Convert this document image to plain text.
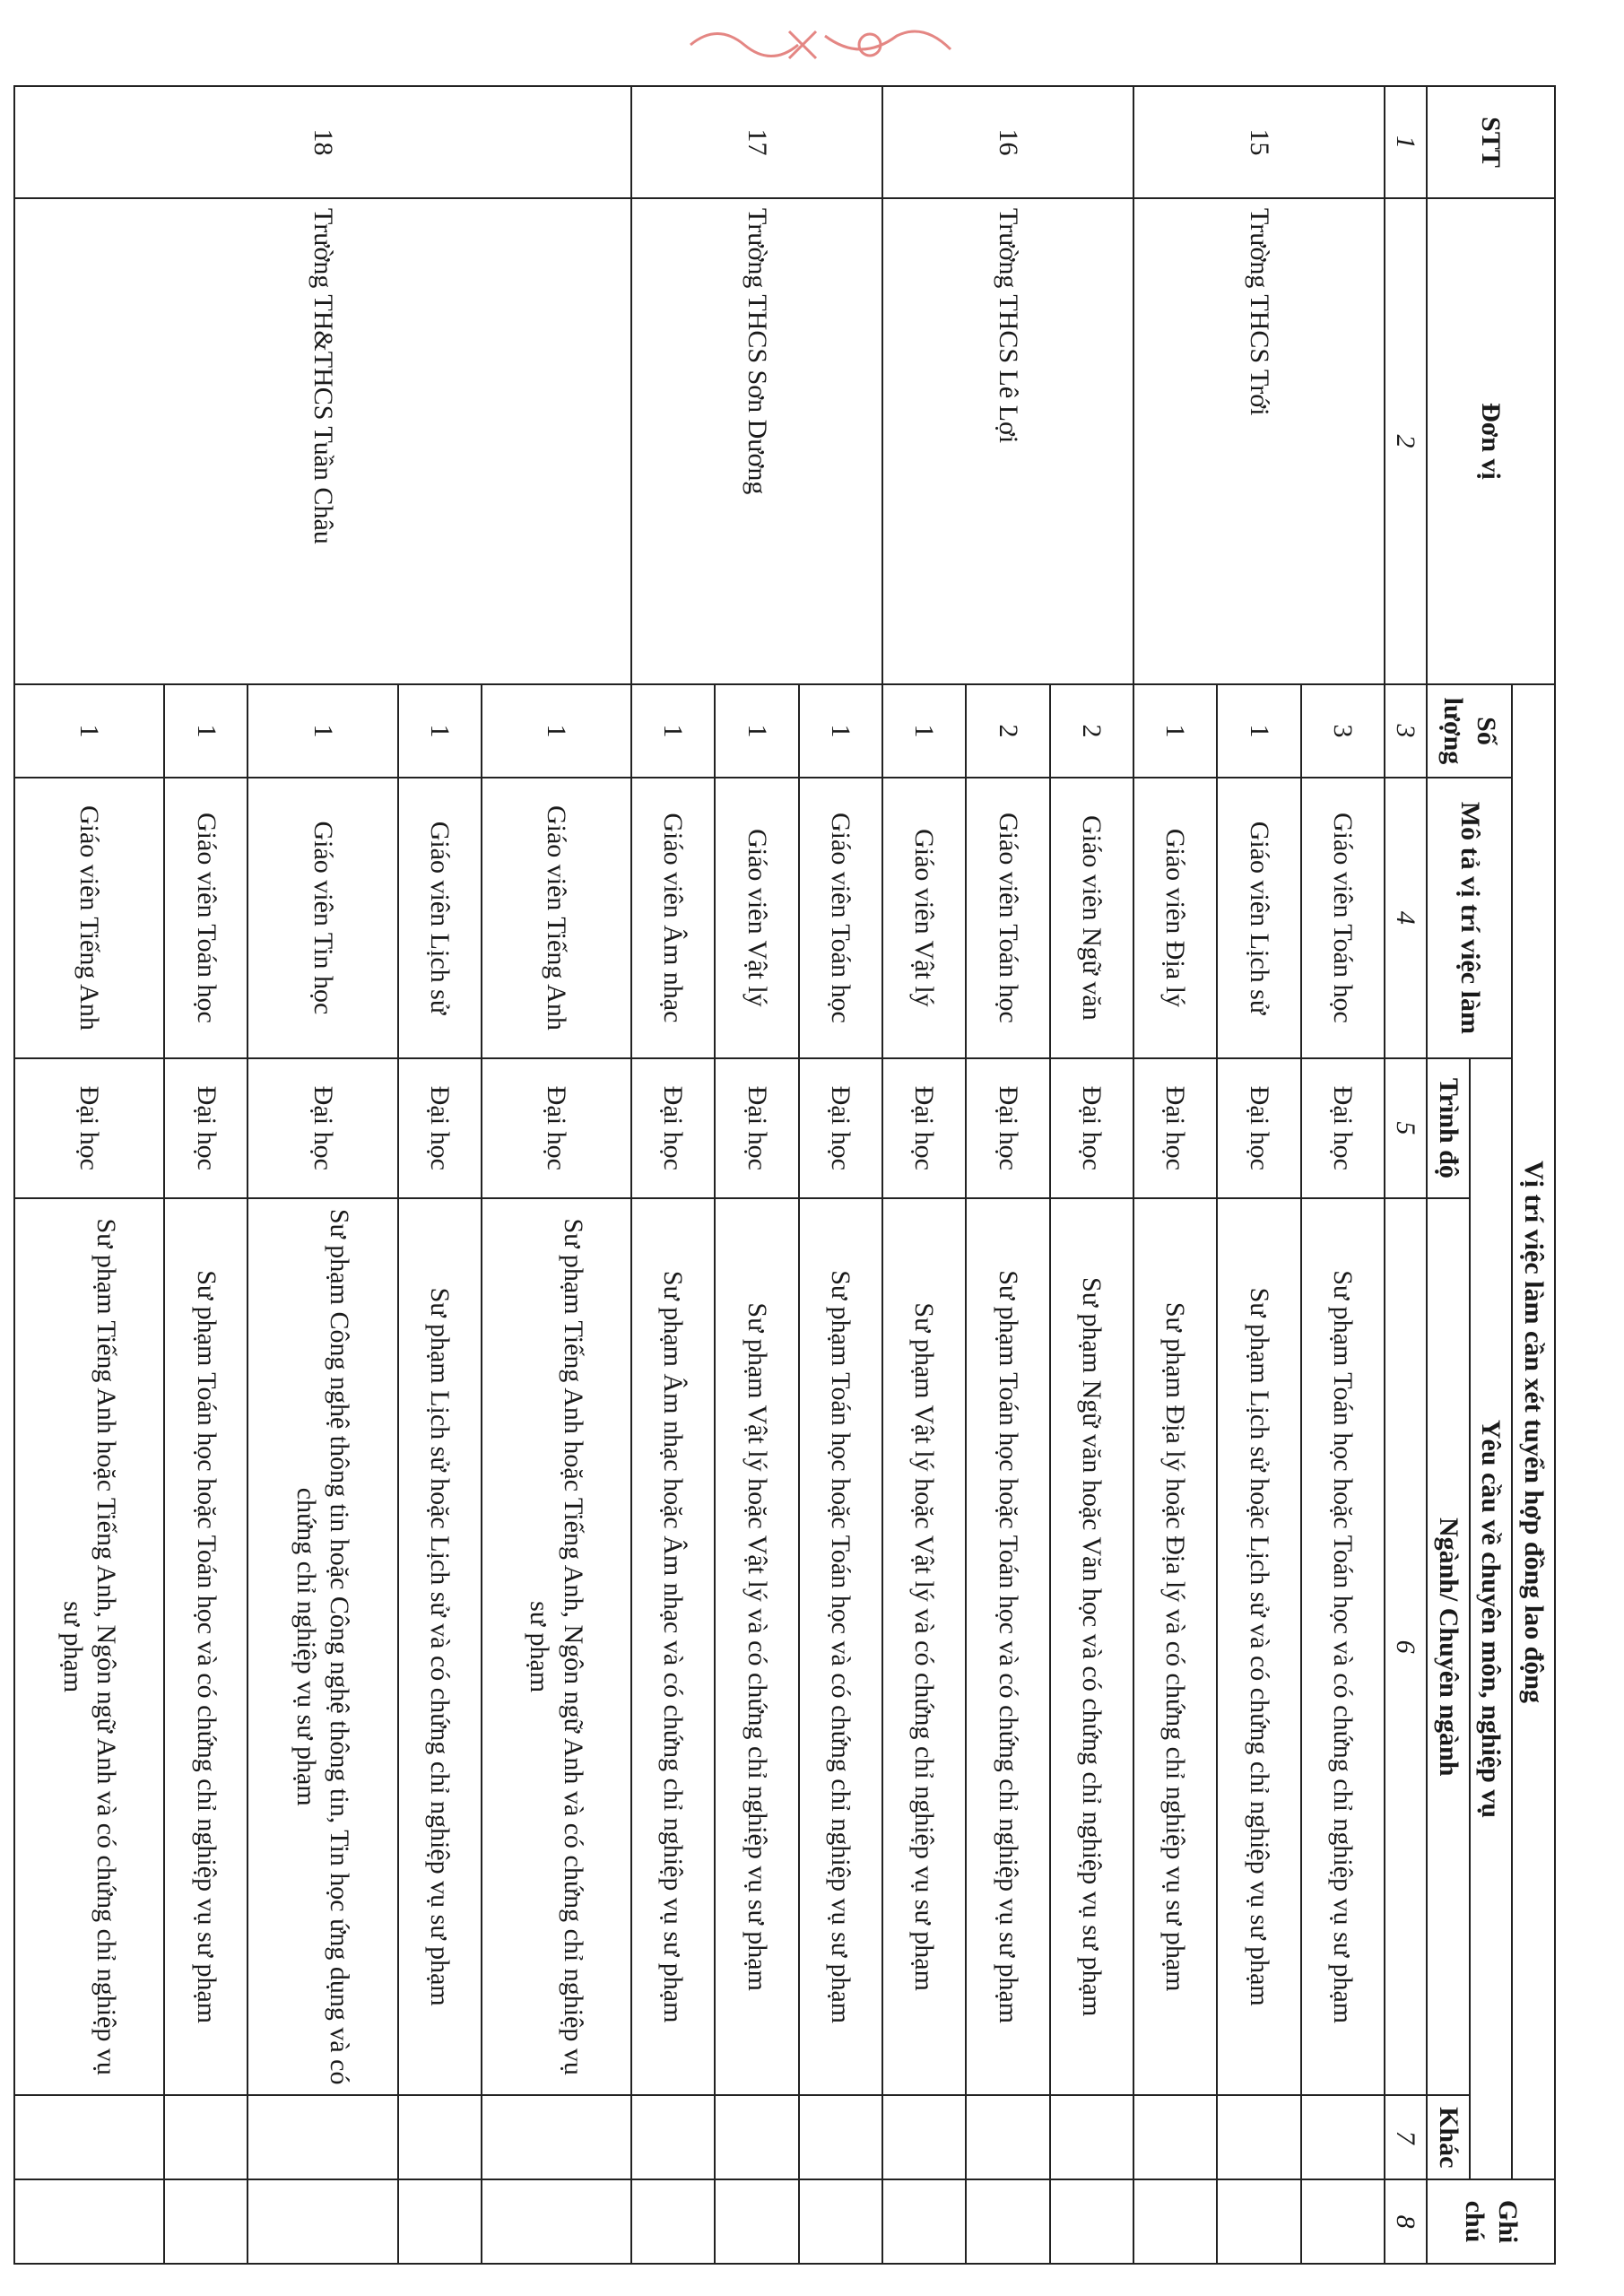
STT	Đơn vị	Vị trí việc làm cần xét tuyển hợp đồng lao động					Ghi chú
		Số lượng	Mô tả vị trí việc làm	Yêu cầu về chuyên môn, nghiệp vụ			
				Trình độ	Ngành/ Chuyên ngành	Khác	
1	2	3	4	5	6	7	8
15	Trường THCS Trới	3	Giáo viên Toán học	Đại học	Sư phạm Toán học hoặc Toán học và có chứng chỉ nghiệp vụ sư phạm		
		1	Giáo viên Lịch sử	Đại học	Sư phạm Lịch sử hoặc Lịch sử và có chứng chỉ nghiệp vụ sư phạm		
		1	Giáo viên Địa lý	Đại học	Sư phạm Địa lý hoặc Địa lý và có chứng chỉ nghiệp vụ sư phạm		
16	Trường THCS Lê Lợi	2	Giáo viên Ngữ văn	Đại học	Sư phạm Ngữ văn hoặc Văn học và có chứng chỉ nghiệp vụ sư phạm		
		2	Giáo viên Toán học	Đại học	Sư phạm Toán học hoặc Toán học và có chứng chỉ nghiệp vụ sư phạm		
		1	Giáo viên Vật lý	Đại học	Sư phạm Vật lý hoặc Vật lý và có chứng chỉ nghiệp vụ sư phạm		
17	Trường THCS Sơn Dương	1	Giáo viên Toán học	Đại học	Sư phạm Toán học hoặc Toán học và có chứng chỉ nghiệp vụ sư phạm		
		1	Giáo viên Vật lý	Đại học	Sư phạm Vật lý hoặc Vật lý và có chứng chỉ nghiệp vụ sư phạm		
		1	Giáo viên Âm nhạc	Đại học	Sư phạm Âm nhạc hoặc Âm nhạc và có chứng chỉ nghiệp vụ sư phạm		
18	Trường TH&THCS Tuần Châu	1	Giáo viên Tiếng Anh	Đại học	Sư phạm Tiếng Anh hoặc Tiếng Anh, Ngôn ngữ Anh và có chứng chỉ nghiệp vụ sư phạm		
		1	Giáo viên Lịch sử	Đại học	Sư phạm Lịch sử hoặc Lịch sử và có chứng chỉ nghiệp vụ sư phạm		
		1	Giáo viên Tin học	Đại học	Sư phạm Công nghệ thông tin hoặc Công nghệ thông tin, Tin học ứng dụng và có chứng chỉ nghiệp vụ sư phạm		
		1	Giáo viên Toán học	Đại học	Sư phạm Toán học hoặc Toán học và có chứng chỉ nghiệp vụ sư phạm		
		1	Giáo viên Tiếng Anh	Đại học	Sư phạm Tiếng Anh hoặc Tiếng Anh, Ngôn ngữ Anh và có chứng chỉ nghiệp vụ sư phạm		
